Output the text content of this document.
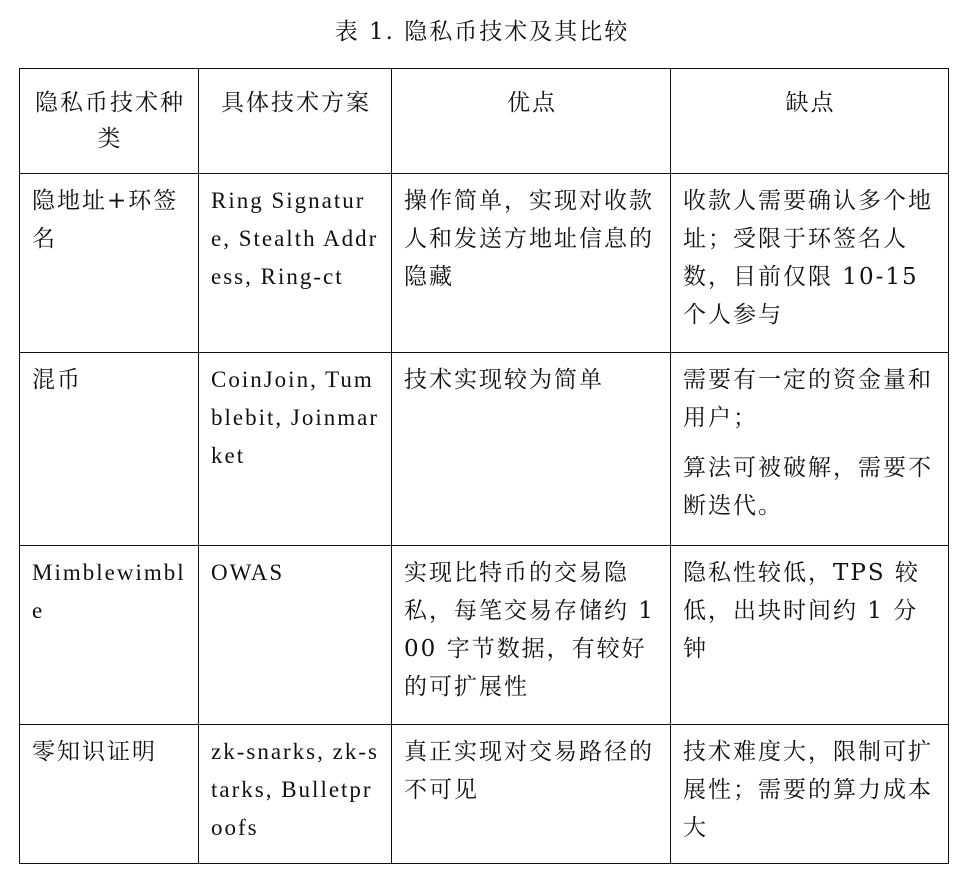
表 1. 隐私币技术及其比较
隐私币技术种类	具体技术方案	优点	缺点
隐地址+环签名	Ring Signature, Stealth Address, Ring-ct	操作简单，实现对收款人和发送方地址信息的隐藏	收款人需要确认多个地址；受限于环签名人数，目前仅限 10-15 个人参与

混币	CoinJoin, Tumblebit, Joinmarket	技术实现较为简单	需要有一定的资金量和用户；
算法可被破解，需要不断迭代。

Mimblewimble	OWAS	实现比特币的交易隐私，每笔交易存储约 100 字节数据，有较好的可扩展性	隐私性较低，TPS 较低，出块时间约 1 分钟

零知识证明	zk-snarks, zk-starks, Bulletproofs	真正实现对交易路径的不可见	技术难度大，限制可扩展性；需要的算力成本大
